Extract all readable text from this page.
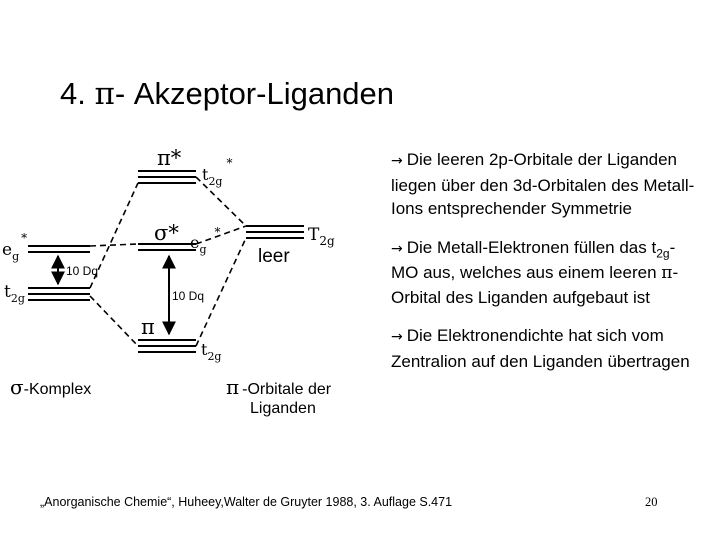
4. π- Akzeptor-Liganden
π*
$t_{2g}^*$
σ* $e_g^*$	$T_{2g}$
leer
$e_g^*$
10 Dq
$t_{2g}$	10 Dq
π
$t_{2g}$
σ-Komplex	π -Orbitale der
Liganden
→ Die leeren 2p-Orbitale der Liganden liegen über den 3d-Orbitalen des Metall-Ions entsprechender Symmetrie
→ Die Metall-Elektronen füllen das $t_{2g}-MO$ aus, welches aus einem leeren π-Orbital des Liganden aufgebaut ist
→ Die Elektronendichte hat sich vom Zentralion auf den Liganden übertragen
„Anorganische Chemie“, Huheey,Walter de Gruyter 1988, 3. Auflage S.471	20
